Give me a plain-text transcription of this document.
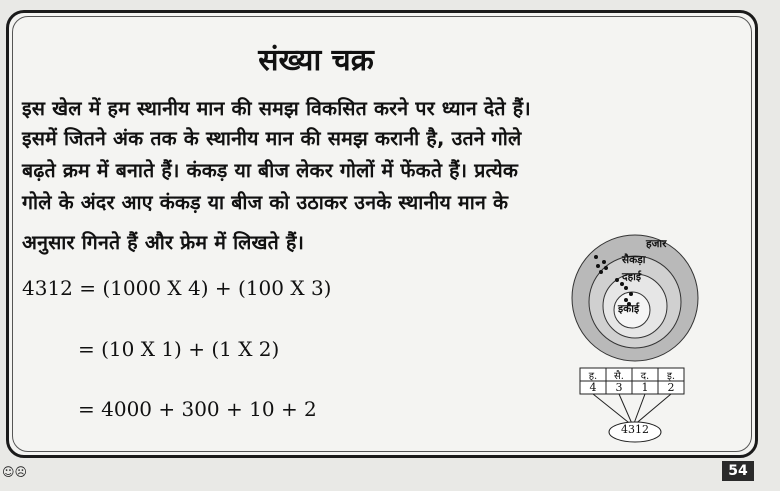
संख्या चक्र
इस खेल में हम स्थानीय मान की समझ विकसित करने पर ध्यान देते हैं।
इसमें जितने अंक तक के स्थानीय मान की समझ करानी है, उतने गोले
बढ़ते क्रम में बनाते हैं। कंकड़ या बीज लेकर गोलों में फेंकते हैं। प्रत्येक
गोले के अंदर आए कंकड़ या बीज को उठाकर उनके स्थानीय मान के
अनुसार गिनते हैं और फ्रेम में लिखते हैं।
4312 = (1000 X 4) + (100 X 3)
= (10 X 1) + (1 X 2)
= 4000 + 300 + 10 + 2
हजार
सैकड़ा
दहाई
इकाई
ह.	सै.	द.	इ.
4	3	1	2
4312
☺☹	54
